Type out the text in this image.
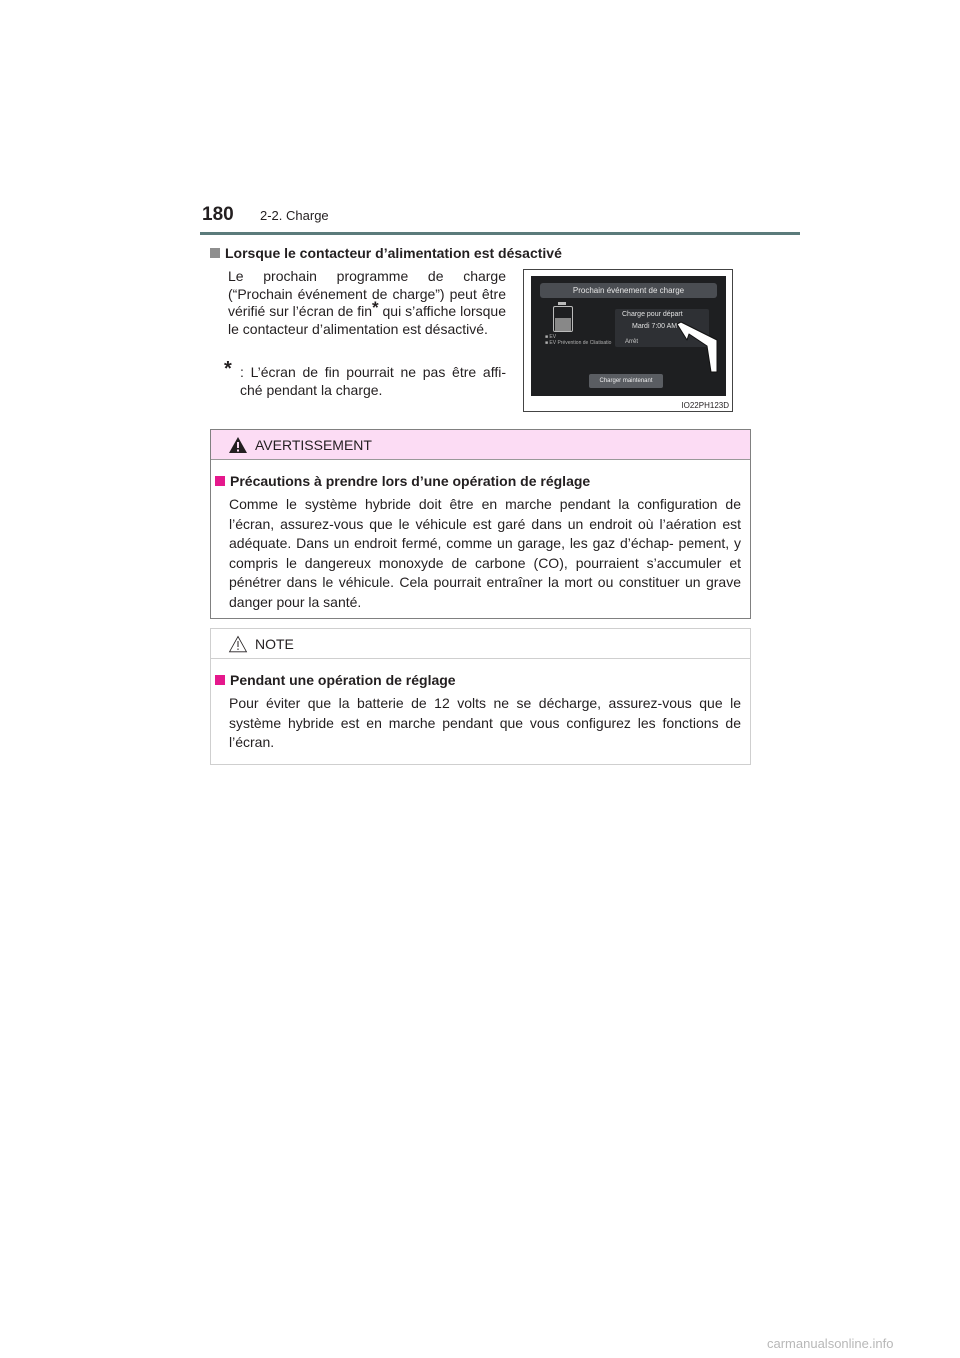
180 2-2. Charge
Lorsque le contacteur d’alimentation est désactivé

Le prochain programme de charge (“Prochain événement de charge”) peut être vérifié sur l’écran de fin* qui s’affiche lorsque le contacteur d’alimentation est désactivé.

* : L’écran de fin pourrait ne pas être affi- ché pendant la charge.
Prochain événement de charge
Charge pour départ
Mardi 7:00 AM
■ EV
■ EV Prévention de Cliatisatio Arrêt
Charger maintenant
IO22PH123D
AVERTISSEMENT
Précautions à prendre lors d’une opération de réglage
Comme le système hybride doit être en marche pendant la configuration de l’écran, assurez-vous que le véhicule est garé dans un endroit où l’aération est adéquate. Dans un endroit fermé, comme un garage, les gaz d’échap- pement, y compris le dangereux monoxyde de carbone (CO), pourraient s’accumuler et pénétrer dans le véhicule. Cela pourrait entraîner la mort ou constituer un grave danger pour la santé.
NOTE
Pendant une opération de réglage
Pour éviter que la batterie de 12 volts ne se décharge, assurez-vous que le système hybride est en marche pendant que vous configurez les fonctions de l’écran.
carmanualsonline.info
